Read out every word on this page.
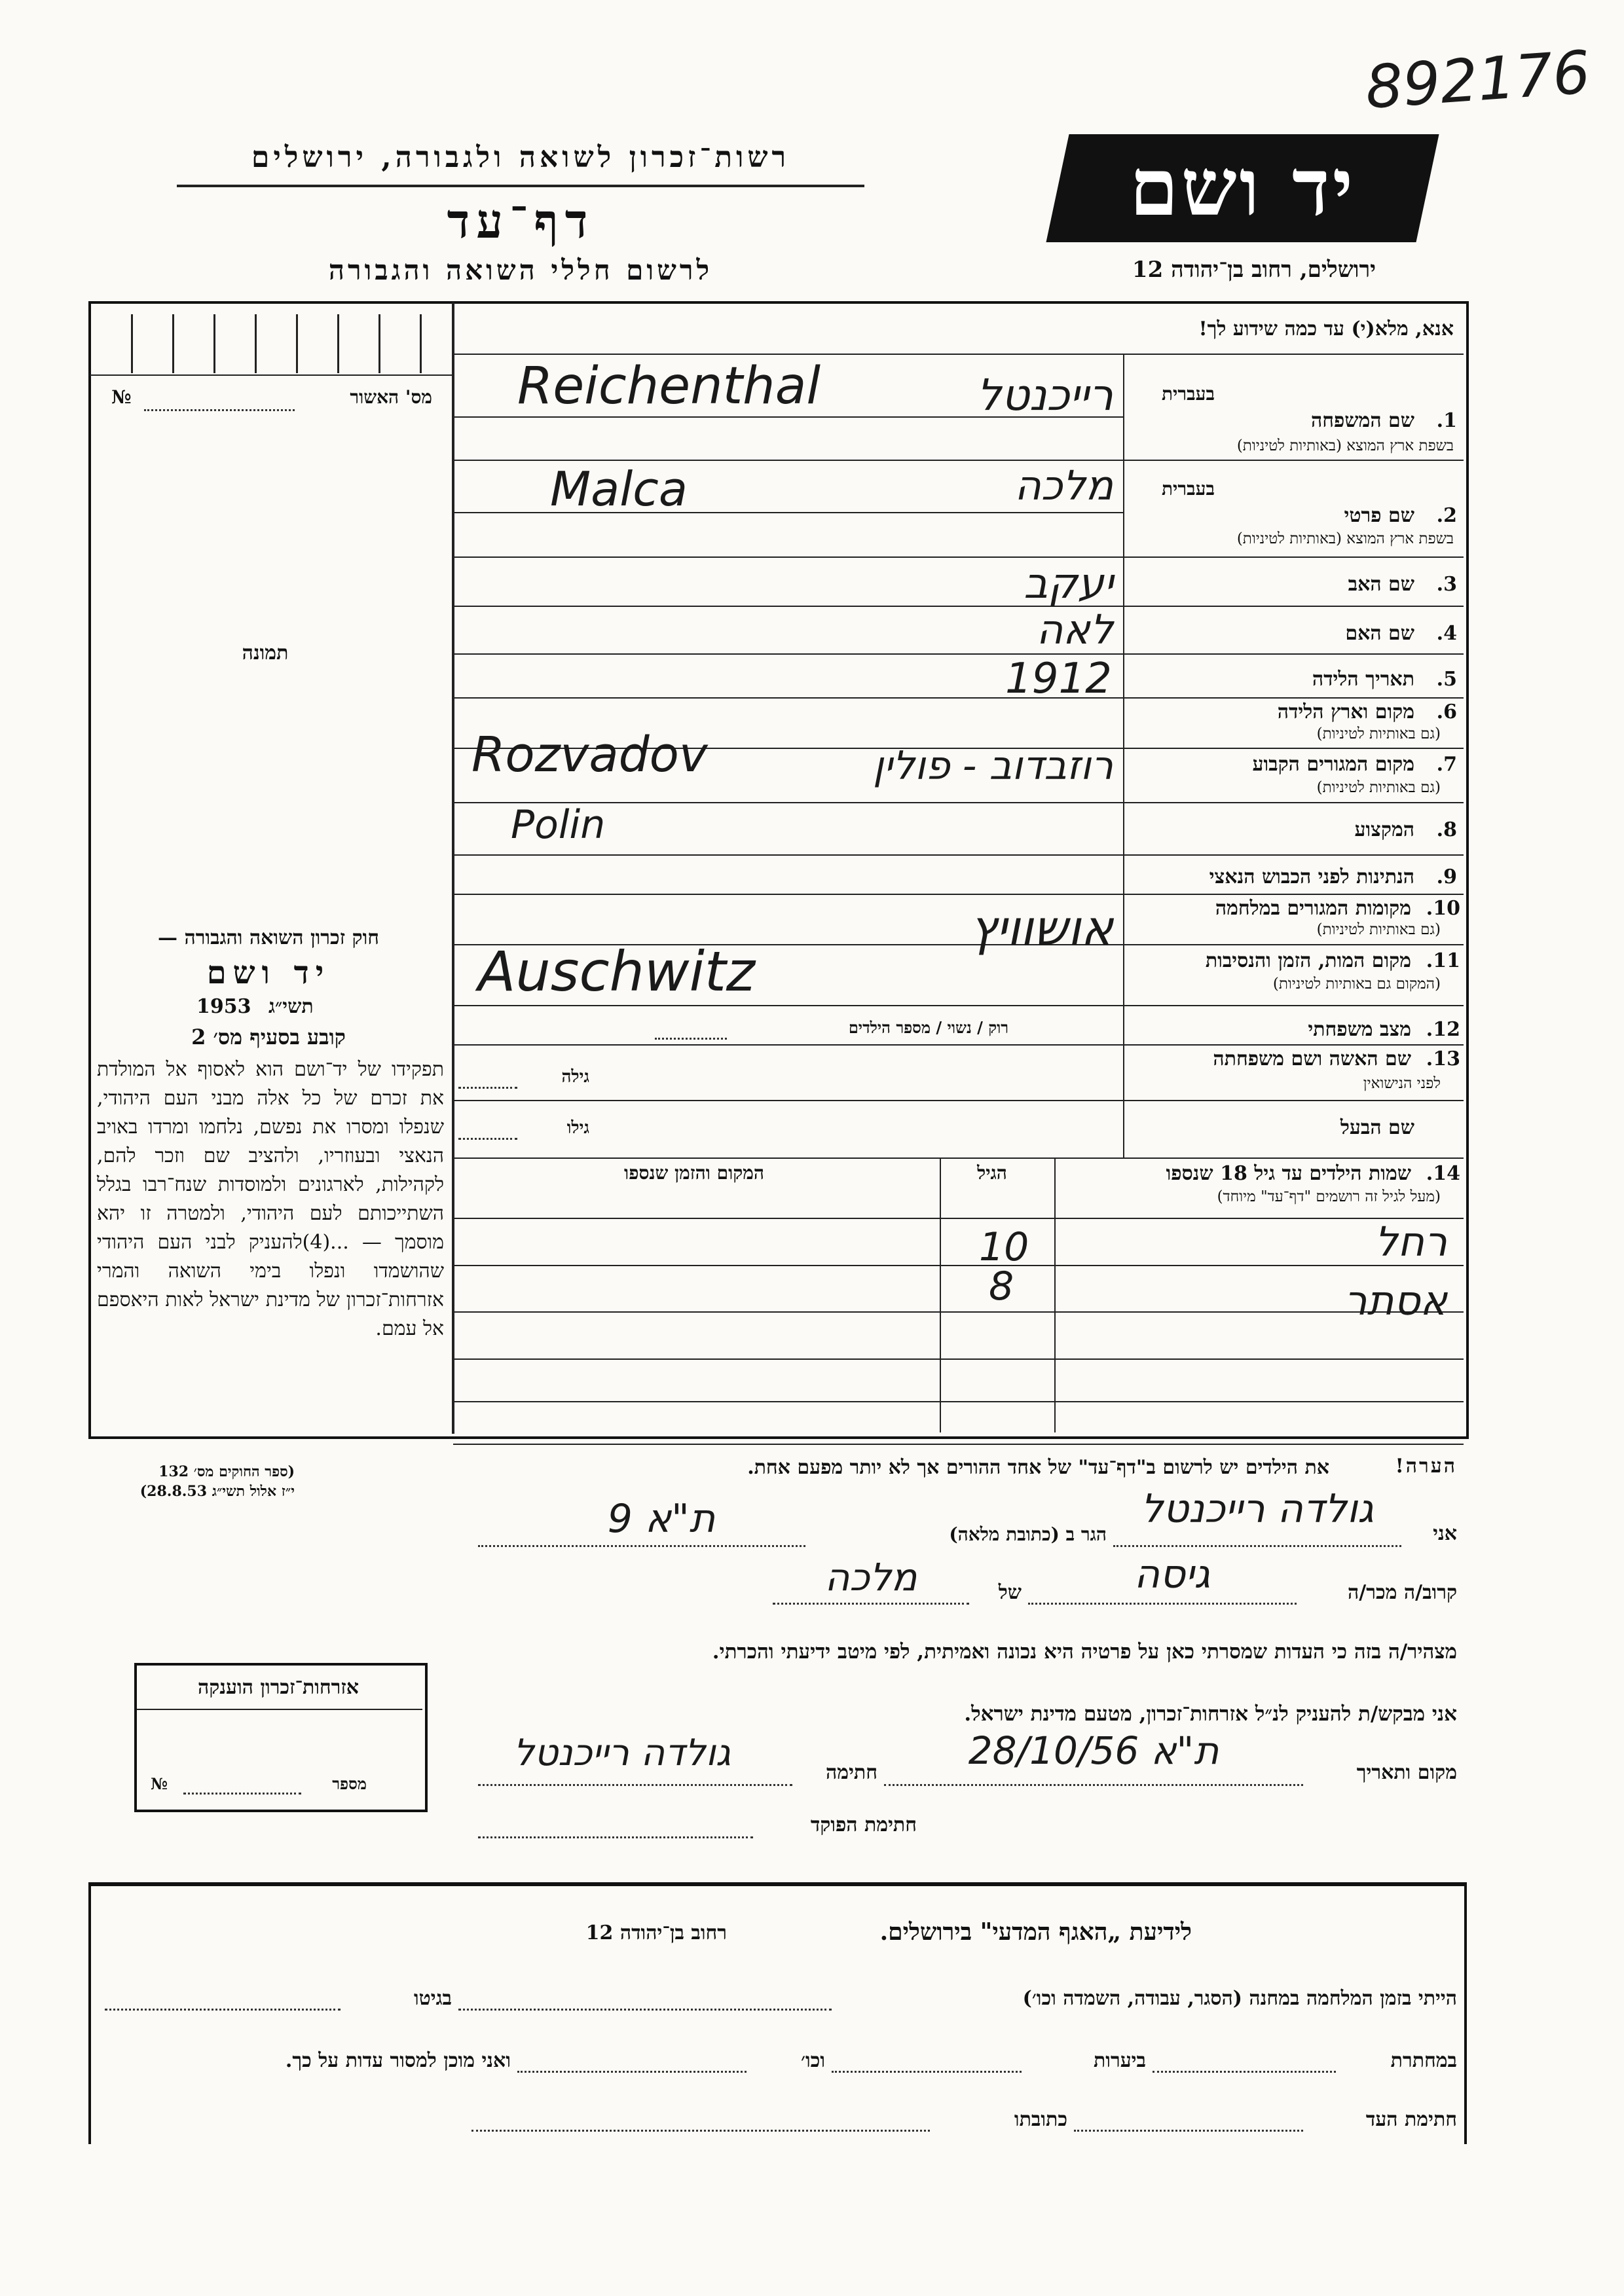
892176
יד ושם
רשות־זכרון לשואה ולגבורה, ירושלים
דף־עד
לרשום חללי השואה והגבורה	ירושלים, רחוב בן־יהודה 12
מס' האשור
№
תמונה
חוק זכרון השואה והגבורה —
יד ושם
1953 תשי״ג
קובע בסעיף מס׳ 2
תפקידו של יד־ושם הוא לאסוף אל המולדת את זכרם של כל אלה מבני העם היהודי, שנפלו ומסרו את נפשם, נלחמו ומרדו באויב הנאצי ובעוזריו, ולהציב שם וזכר להם, לקהילות, לארגונים ולמוסדות שנח־רבו בגלל השתייכותם לעם היהודי, ולמטרה זו יהא מוסמך — ...(4)להעניק לבני העם היהודי שהושמדו ונפלו בימי השואה והמרי אזרחות־זכרון של מדינת ישראל לאות היאספם אל עמם.
(ספר החוקים מס׳ 132
י״ז אלול תשי״ג 28.8.53)
אנא, מלא(י) עד כמה שידוע לך!
בעברית
1.
שם המשפחה
בשפת ארץ המוצא (באותיות לטיניות)
רייכנטל
Reichenthal
בעברית
2.
שם פרטי
בשפת ארץ המוצא (באותיות לטיניות)
מלכה
Malca
3.
שם האב
יעקב
4.
שם האם
לאה
5.
תאריך הלידה
1912
6.
מקום וארץ הלידה
(גם באותיות לטיניות)
7.
מקום המגורים הקבוע
(גם באותיות לטיניות)
רוזבדוב - פולין
Rozvadov
Polin	8.
המקצוע
9.
הנתינות לפני הכבוש הנאצי
10.
מקומות המגורים במלחמה
(גם באותיות לטיניות)
11.
מקום המות, הזמן והנסיבות
(המקום גם באותיות לטיניות)
אושוויץ
Auschwitz
12.
מצב משפחתי
רוק / נשוי / מספר הילדים
13.
שם האשה ושם משפחתה
לפני הנישואין
גילה
שם הבעל
גילו
14.
שמות הילדים עד גיל 18 שנספו
(מעל לגיל זה רושמים "דף־עד" מיוחד)
הגיל
המקום והזמן שנספו
רחל
10
אסתר
8
הערה!
את הילדים יש לרשום ב"דף־עד" של אחד ההורים אך לא יותר מפעם אחת.
אני
גולדה רייכנטל
הגר ב (כתובת מלאה)
ת"א 9
קרוב/ה מכר/ה
גיסה
של
מלכה
מצהיר/ה בזה כי העדות שמסרתי כאן על פרטיה היא נכונה ואמיתית, לפי מיטב ידיעתי והכרתי.
אני מבקש/ת להעניק לנ״ל אזרחות־זכרון, מטעם מדינת ישראל.
מקום ותאריך
ת"א 28/10/56
חתימה
גולדה רייכנטל
חתימת הפוקד
אזרחות־זכרון הוענקה
מספר
№
לידיעת „האגף המדעי" בירושלים.
רחוב בן־יהודה 12
הייתי בזמן המלחמה במחנה (הסגר, עבודה, השמדה וכו׳)
בגיטו
במחתרת
ביערות
וכו׳
ואני מוכן למסור עדות על כך.
חתימת העד
כתובתו
